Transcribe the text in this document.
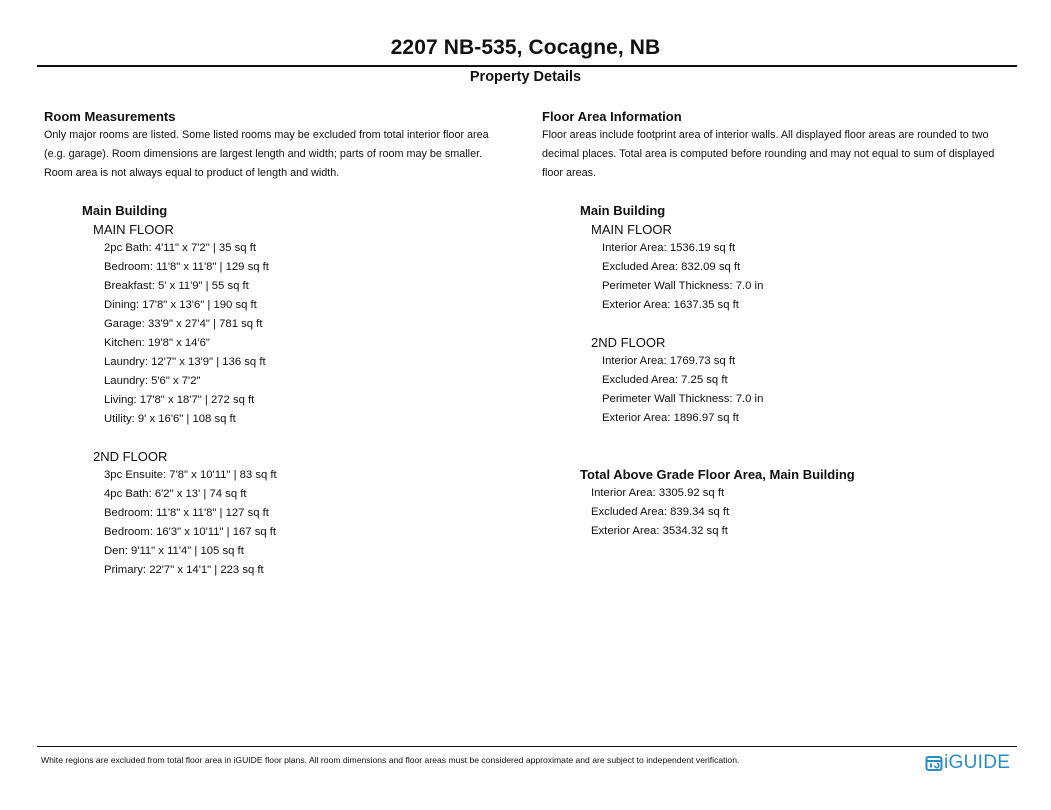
2207 NB-535, Cocagne, NB
Property Details
Room Measurements
Only major rooms are listed. Some listed rooms may be excluded from total interior floor area
(e.g. garage). Room dimensions are largest length and width; parts of room may be smaller.
Room area is not always equal to product of length and width.
Main Building
MAIN FLOOR
2pc Bath: 4'11" x 7'2" | 35 sq ft
Bedroom: 11'8" x 11'8" | 129 sq ft
Breakfast: 5' x 11'9" | 55 sq ft
Dining: 17'8" x 13'6" | 190 sq ft
Garage: 33'9" x 27'4" | 781 sq ft
Kitchen: 19'8" x 14'6"
Laundry: 12'7" x 13'9" | 136 sq ft
Laundry: 5'6" x 7'2"
Living: 17'8" x 18'7" | 272 sq ft
Utility: 9' x 16'6" | 108 sq ft
2ND FLOOR
3pc Ensuite: 7'8" x 10'11" | 83 sq ft
4pc Bath: 6'2" x 13' | 74 sq ft
Bedroom: 11'8" x 11'8" | 127 sq ft
Bedroom: 16'3" x 10'11" | 167 sq ft
Den: 9'11" x 11'4" | 105 sq ft
Primary: 22'7" x 14'1" | 223 sq ft
Floor Area Information
Floor areas include footprint area of interior walls. All displayed floor areas are rounded to two
decimal places. Total area is computed before rounding and may not equal to sum of displayed
floor areas.
Main Building
MAIN FLOOR
Interior Area: 1536.19 sq ft
Excluded Area: 832.09 sq ft
Perimeter Wall Thickness: 7.0 in
Exterior Area: 1637.35 sq ft
2ND FLOOR
Interior Area: 1769.73 sq ft
Excluded Area: 7.25 sq ft
Perimeter Wall Thickness: 7.0 in
Exterior Area: 1896.97 sq ft
Total Above Grade Floor Area, Main Building
Interior Area: 3305.92 sq ft
Excluded Area: 839.34 sq ft
Exterior Area: 3534.32 sq ft
White regions are excluded from total floor area in iGUIDE floor plans. All room dimensions and floor areas must be considered approximate and are subject to independent verification.	iGUIDE
